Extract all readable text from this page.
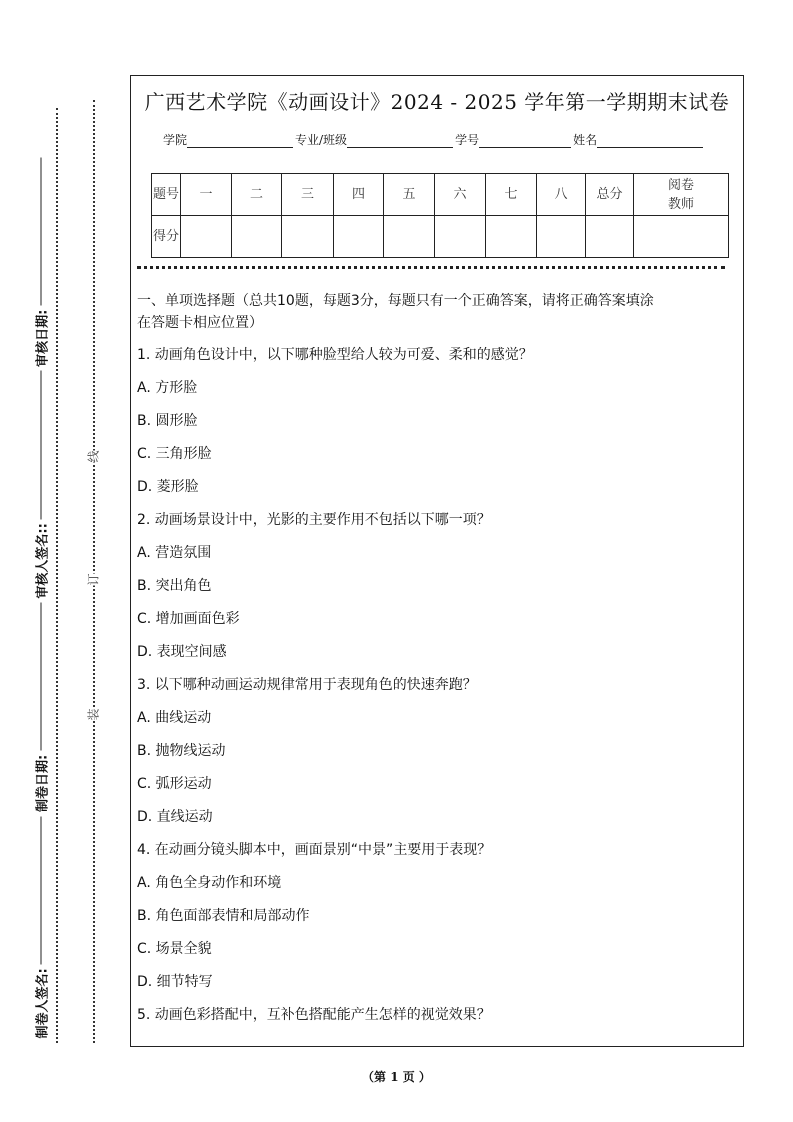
线
订
装
制卷人签名:
制卷日期:
审核人签名::
审核日期:
广西艺术学院《动画设计》2024 - 2025 学年第一学期期末试卷
学院	专业/班级	学号	姓名
题号	一	二	三	四	五	六	七	八	总分	阅卷
教师
得分										
一、单项选择题（总共10题，每题3分，每题只有一个正确答案，请将正确答案填涂
在答题卡相应位置）
1. 动画角色设计中，以下哪种脸型给人较为可爱、柔和的感觉？
A. 方形脸
B. 圆形脸
C. 三角形脸
D. 菱形脸
2. 动画场景设计中，光影的主要作用不包括以下哪一项？
A. 营造氛围
B. 突出角色
C. 增加画面色彩
D. 表现空间感
3. 以下哪种动画运动规律常用于表现角色的快速奔跑？
A. 曲线运动
B. 抛物线运动
C. 弧形运动
D. 直线运动
4. 在动画分镜头脚本中，画面景别“中景”主要用于表现？
A. 角色全身动作和环境
B. 角色面部表情和局部动作
C. 场景全貌
D. 细节特写
5. 动画色彩搭配中，互补色搭配能产生怎样的视觉效果？
（第 1 页 ）
